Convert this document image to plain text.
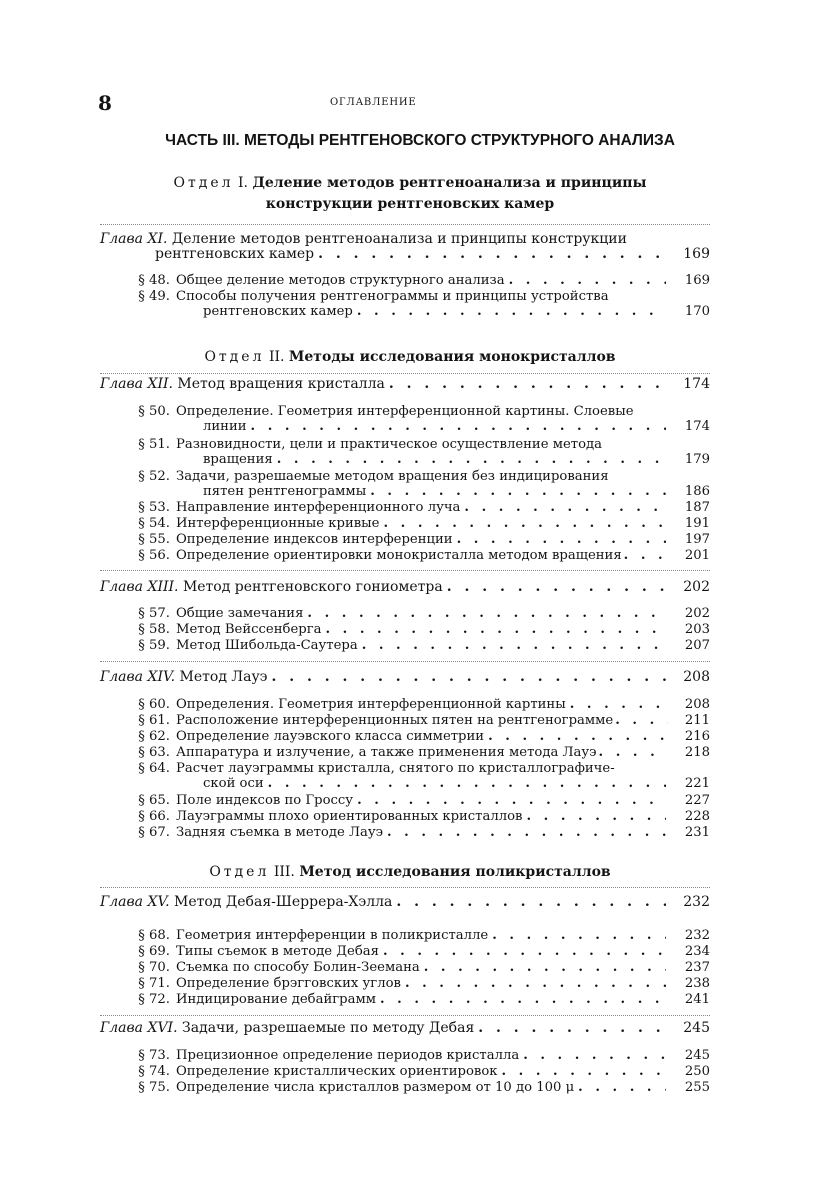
8	ОГЛАВЛЕНИЕ
ЧАСТЬ III. МЕТОДЫ РЕНТГЕНОВСКОГО СТРУКТУРНОГО АНАЛИЗА
Отдел I. Деление методов рентгеноанализа и принципы
конструкции рентгеновских камер
Глава XI. Деление методов рентгеноанализа и принципы конструкции
рентгеновских камер . . .	169
§ 48. Общее деление методов структурного анализа . . .	169
§ 49. Способы получения рентгенограммы и принципы устройства
рентгеновских камер . . .	170
Отдел II. Методы исследования монокристаллов
Глава XII. Метод вращения кристалла . . .	174
§ 50. Определение. Геометрия интерференционной картины. Слоевые
линии . . .	174
§ 51. Разновидности, цели и практическое осуществление метода
вращения . . .	179
§ 52. Задачи, разрешаемые методом вращения без индицирования
пятен рентгенограммы . . .	186
§ 53. Направление интерференционного луча . . .	187
§ 54. Интерференционные кривые . . .	191
§ 55. Определение индексов интерференции . . .	197
§ 56. Определение ориентировки монокристалла методом вращения . . .	201
Глава XIII. Метод рентгеновского гониометра . . .	202
§ 57. Общие замечания . . .	202
§ 58. Метод Вейссенберга . . .	203
§ 59. Метод Шибольда-Саутера . . .	207
Глава XIV. Метод Лауэ . . .	208
§ 60. Определения. Геометрия интерференционной картины . . .	208
§ 61. Расположение интерференционных пятен на рентгенограмме . . .	211
§ 62. Определение лауэвского класса симметрии . . .	216
§ 63. Аппаратура и излучение, а также применения метода Лауэ . . .	218
§ 64. Расчет лауэграммы кристалла, снятого по кристаллографиче-
ской оси . . .	221
§ 65. Поле индексов по Гроссу . . .	227
§ 66. Лауэграммы плохо ориентированных кристаллов . . .	228
§ 67. Задняя съемка в методе Лауэ . . .	231
Отдел III. Метод исследования поликристаллов
Глава XV. Метод Дебая-Шеррера-Хэлла . . .	232
§ 68. Геометрия интерференции в поликристалле . . .	232
§ 69. Типы съемок в методе Дебая . . .	234
§ 70. Съемка по способу Болин-Зеемана . . .	237
§ 71. Определение брэгговских углов . . .	238
§ 72. Индицирование дебайграмм . . .	241
Глава XVI. Задачи, разрешаемые по методу Дебая . . .	245
§ 73. Прецизионное определение периодов кристалла . . .	245
§ 74. Определение кристаллических ориентировок . . .	250
§ 75. Определение числа кристаллов размером от 10 до 100 μ . . .	255
